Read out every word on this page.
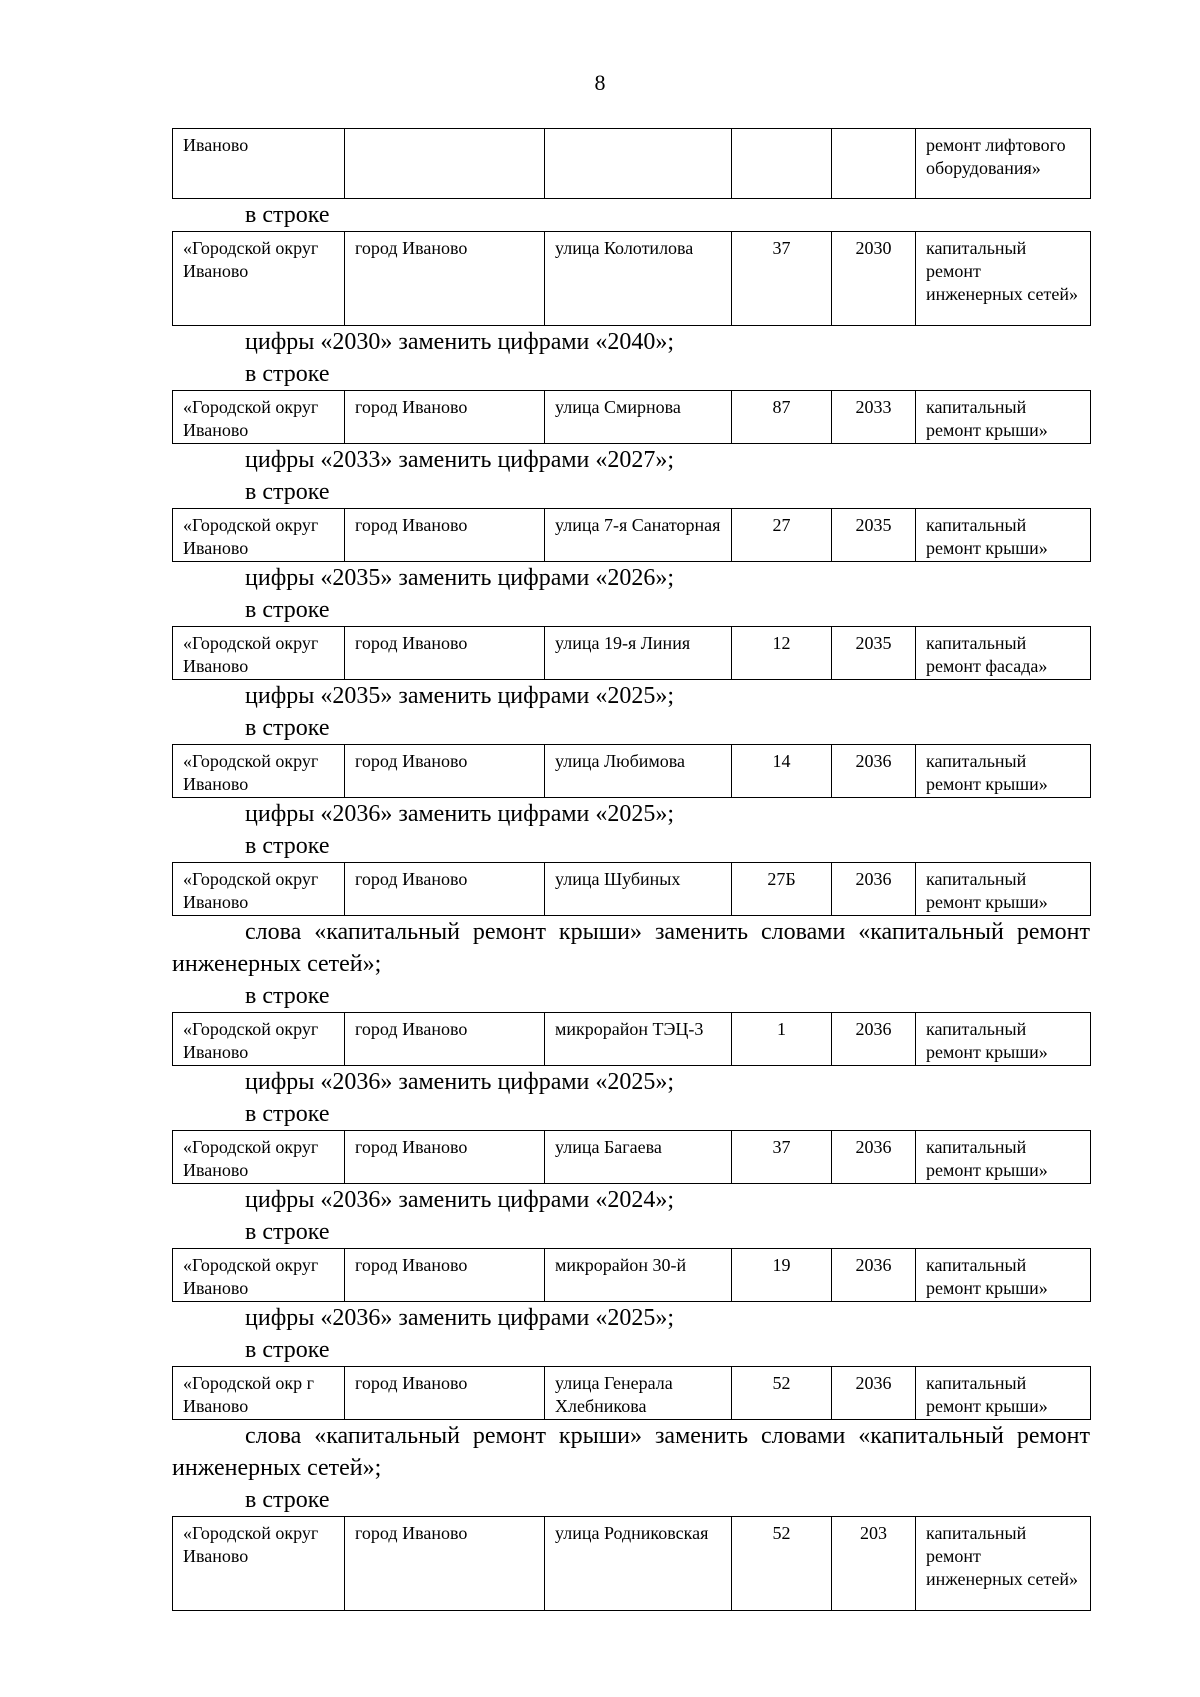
8
Иваново					ремонт лифтового оборудования»

в строке

«Городской округ Иваново	город Иваново	улица Колотилова	37	2030	капитальный ремонт инженерных сетей»

цифры «2030» заменить цифрами «2040»;

в строке

«Городской округ Иваново	город Иваново	улица Смирнова	87	2033	капитальный ремонт крыши»

цифры «2033» заменить цифрами «2027»;

в строке

«Городской округ Иваново	город Иваново	улица 7-я Санаторная	27	2035	капитальный ремонт крыши»

цифры «2035» заменить цифрами «2026»;

в строке

«Городской округ Иваново	город Иваново	улица 19-я Линия	12	2035	капитальный ремонт фасада»

цифры «2035» заменить цифрами «2025»;

в строке

«Городской округ Иваново	город Иваново	улица Любимова	14	2036	капитальный ремонт крыши»

цифры «2036» заменить цифрами «2025»;

в строке

«Городской округ Иваново	город Иваново	улица Шубиных	27Б	2036	капитальный ремонт крыши»

слова «капитальный ремонт крыши» заменить словами «капитальный ремонт инженерных сетей»;

в строке

«Городской округ Иваново	город Иваново	микрорайон ТЭЦ-3	1	2036	капитальный ремонт крыши»

цифры «2036» заменить цифрами «2025»;

в строке

«Городской округ Иваново	город Иваново	улица Багаева	37	2036	капитальный ремонт крыши»

цифры «2036» заменить цифрами «2024»;

в строке

«Городской округ Иваново	город Иваново	микрорайон 30-й	19	2036	капитальный ремонт крыши»

цифры «2036» заменить цифрами «2025»;

в строке

«Городской окр г Иваново	город Иваново	улица Генерала Хлебникова	52	2036	капитальный ремонт крыши»

слова «капитальный ремонт крыши» заменить словами «капитальный ремонт инженерных сетей»;

в строке

«Городской округ Иваново	город Иваново	улица Родниковская	52	203	капитальный ремонт инженерных сетей»
